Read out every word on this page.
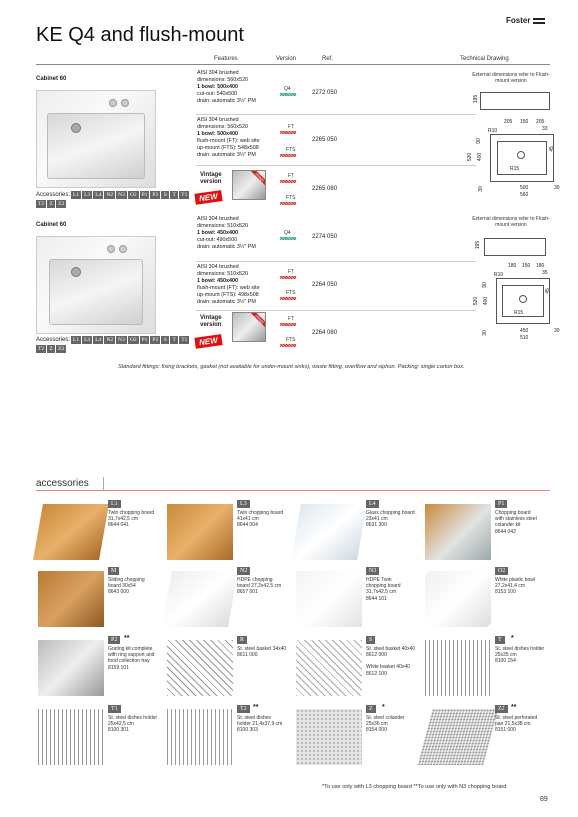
Foster
KE Q4 and flush-mount
Features	Version	Ref.	Technical Drawing
Cabinet 60
AISI 304 brushed
dimensions: 560x520
1 bowl: 500x400
cut-out: 540x500
drain: automatic 3½" PM
Q4
2272 050
AISI 304 brushed
dimensions: 560x520
1 bowl: 500x400
flush-mount (FT): web site
up-mount (FTS): 548x508
drain: automatic 3½" PM
FT
FTS
2265 050
Vintage
version	vintage
NEW
FT
FTS
2265 080
Accessories: L1 L3 L4 N2 N3 O2 P1 P2 S	T T1
T2 Z Z2
External dimensions refer to Flush-mount version
195
205 150 205
R10	33
45
90
400
520
R15
30	500	30
560
Cabinet 60
AISI 304 brushed
dimensions: 510x520
1 bowl: 450x400
cut-out: 490x500
drain: automatic 3½" PM
Q4
2274 050
AISI 304 brushed
dimensions: 510x520
1 bowl: 450x400
flush-mount (FT): web site
up-mount (FTS): 498x508
drain: automatic 3½" PM
FT
FTS
2264 050
Vintage
version
vintage
NEW
FT
FTS
2264 080
Accessories: L1 L3 L4 N2 N3 O2 P1 P2 S	T T1
T2 Z Z2
External dimensions refer to Flush-mount version
195
180 150 180
R10	35
45
90
400
520
R15
30	450	30
510
Standard fittings: fixing brackets, gasket (not available for under-mount sinks), waste fitting, overflow and siphon. Packing: single carton box.
accessories
L1
Twin chopping board
31,7x42,5 cm
8644 041
L3
Twin chopping board
41x41 cm
8644 004
L4
Glass chopping board
23x41 cm
8631 300
P1
Chopping board
with stainless steel
colander kit
8644 042
M
Sliding chopping
board 30x54
8643 000
N2
HDPE chopping
board 27,2x42,5 cm
8657 001
N3
HDPE Twin
chopping board
31,7x42,5 cm
8644 101
O2
White plastic bowl
27,2x41,4 cm
8153 100
P2 **
Grating kit complete
with ring support and
food collection tray
8159 101
R
St. steel basket 34x40
8611 000
S
St. steel basket 40x40
8612 000
White basket 40x40
8612 100
T	*
St. steel dishes holder
25x35 cm
8100 154
T1
St. steel dishes holder
25x42,5 cm
8100 301
T2 **
St. steel dishes
holder 21,4x37,9 cm
8100 303
Z	*
St. steel colander
25x36 cm
8154 000
Z2 **
St. steel perforated
pan 21,5x38 cm
8151 000
*To use only with L3 chopping board **To use only with N3 chopping board
89
